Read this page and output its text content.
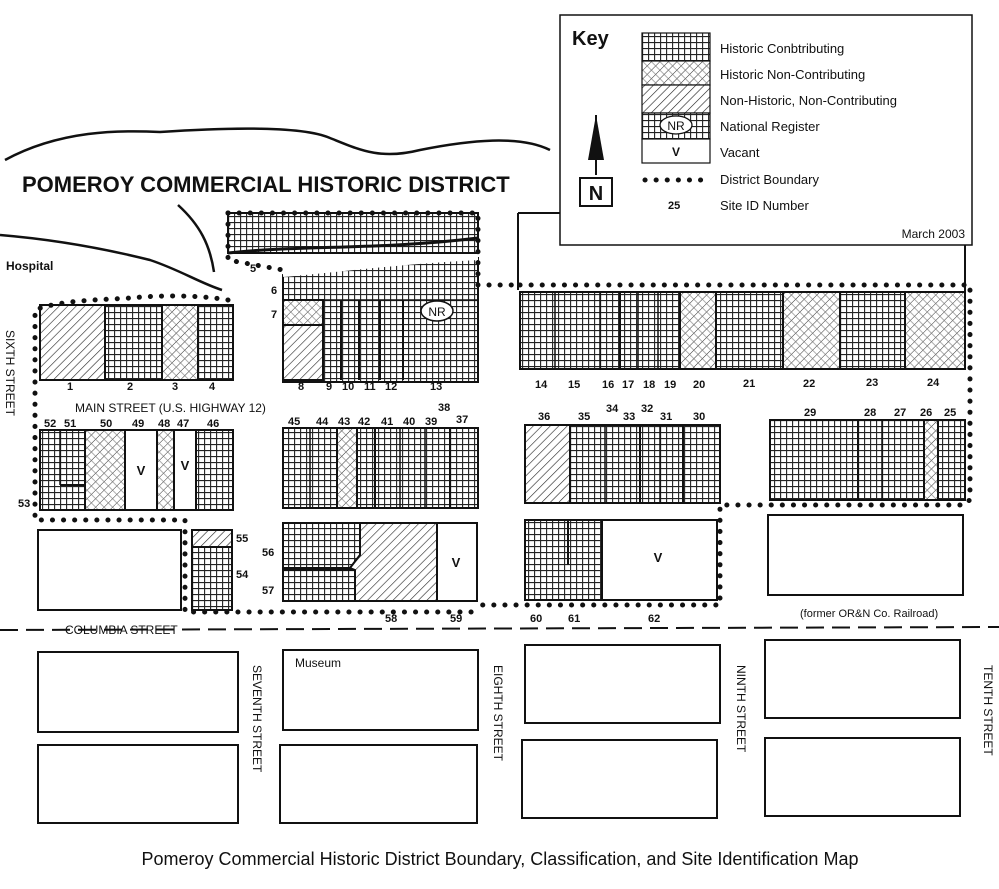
POMEROY COMMERCIAL HISTORIC DISTRICT
Hospital
NR
V	V
V	V
Museum
MAIN STREET (U.S. HIGHWAY 12)
COLUMBIA STREET
(former OR&N Co. Railroad)
SIXTH STREET
SEVENTH STREET	EIGHTH STREET	NINTH STREET	TENTH STREET
1	2	3	4
5
6
7
8 9 10 11 12	13	14 15 16 17 18 19 20	21	22	23	24
25
26
27
28
29
30
31
32
33
34
35
36
37
38
39
40
41
42
43
44
45
46
47
48
49
50
51
52
53
54
55
56
57
58	59	60 61	62
Key
N
NR
V
25
Historic Conbtributing
Historic Non-Contributing
Non-Historic, Non-Contributing
National Register
Vacant
District Boundary
Site ID Number
March 2003
Pomeroy Commercial Historic District Boundary, Classification, and Site Identification Map
